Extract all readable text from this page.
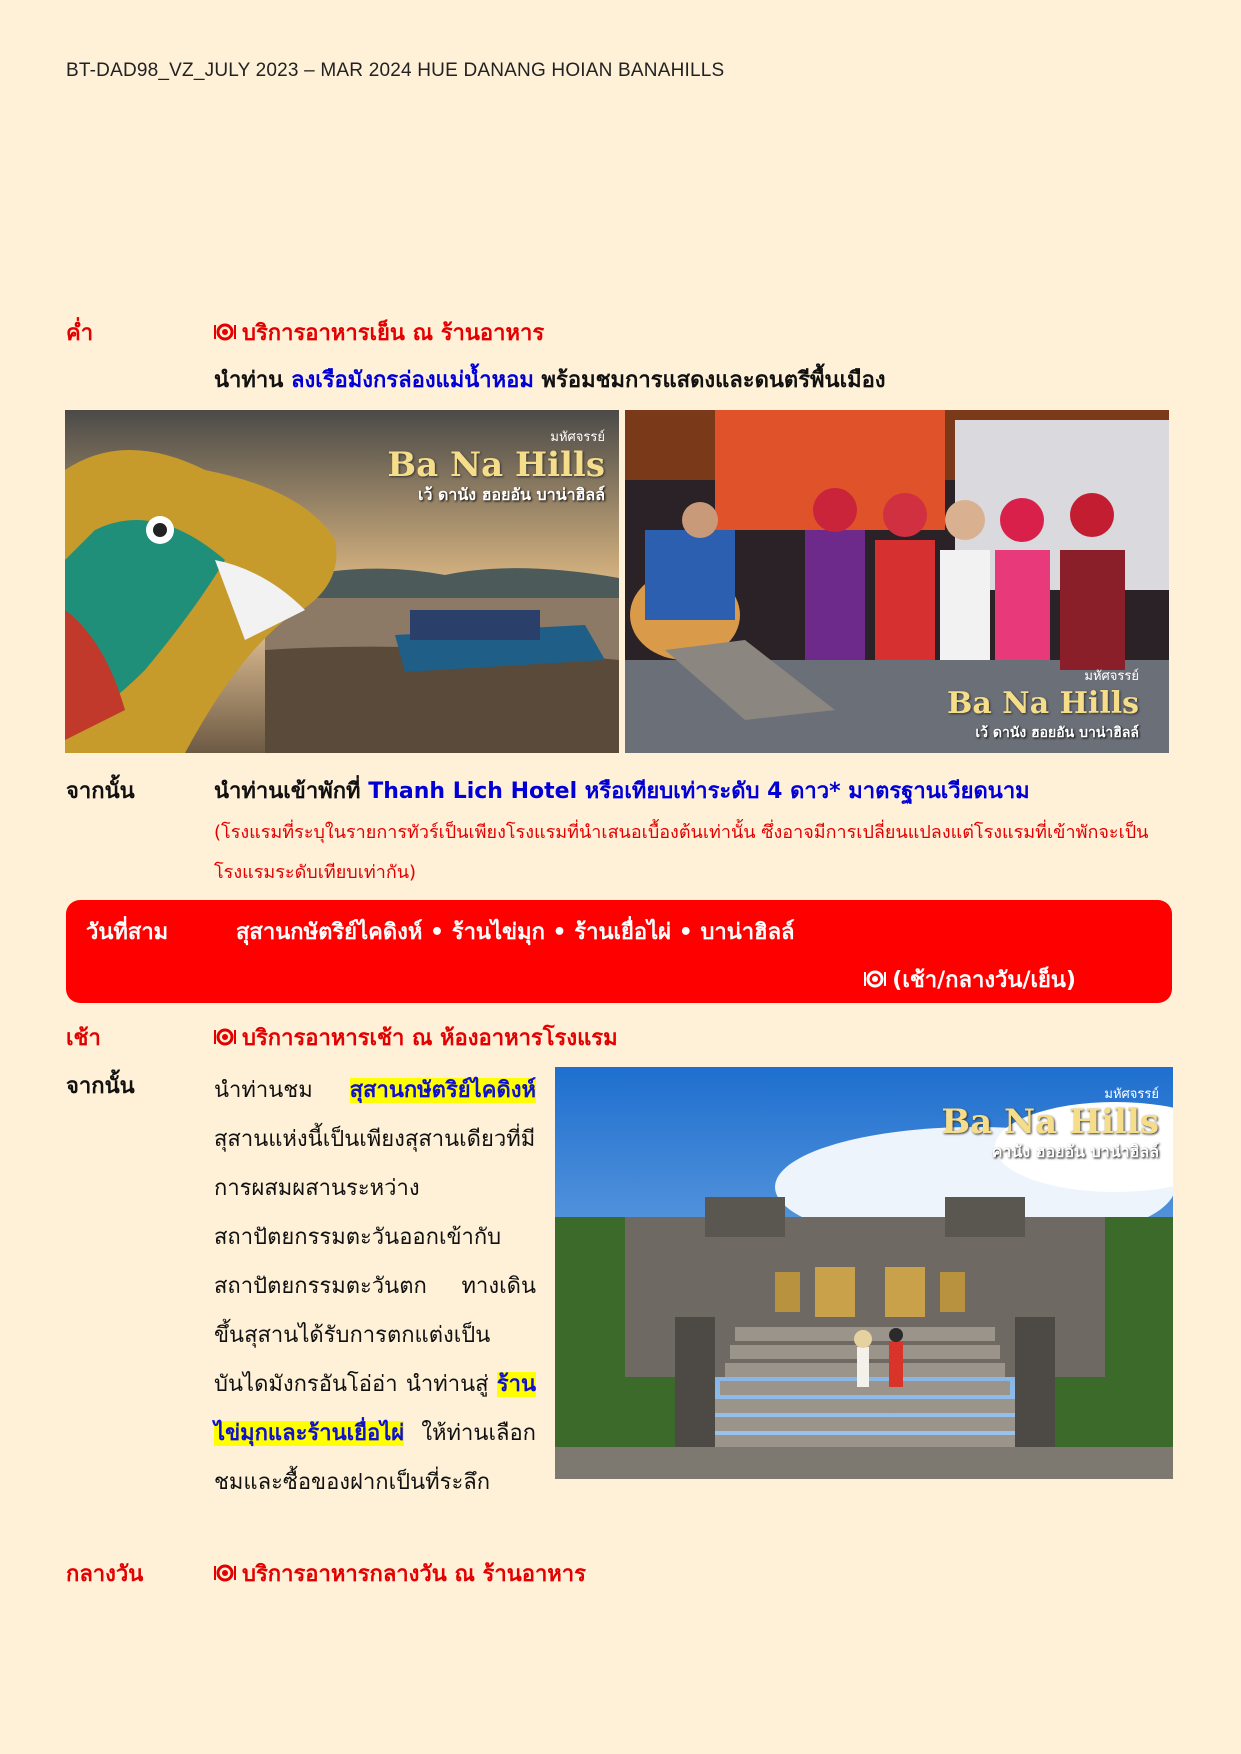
BT-DAD98_VZ_JULY 2023 – MAR 2024 HUE DANANG HOIAN BANAHILLS
ค่ำ	บริการอาหารเย็น ณ ร้านอาหาร
นำท่าน ลงเรือมังกรล่องแม่น้ำหอม พร้อมชมการแสดงและดนตรีพื้นเมือง
มหัศจรรย์
Ba Na Hills
เว้ ดานัง ฮอยอัน บาน่าฮิลล์
มหัศจรรย์
Ba Na Hills
เว้ ดานัง ฮอยอัน บาน่าฮิลล์
จากนั้น	นำท่านเข้าพักที่ Thanh Lich Hotel หรือเทียบเท่าระดับ 4 ดาว* มาตรฐานเวียดนาม
(โรงแรมที่ระบุในรายการทัวร์เป็นเพียงโรงแรมที่นำเสนอเบื้องต้นเท่านั้น ซึ่งอาจมีการเปลี่ยนแปลงแต่โรงแรมที่เข้าพักจะเป็นโรงแรมระดับเทียบเท่ากัน)
วันที่สาม	สุสานกษัตริย์ไคดิงห์ • ร้านไข่มุก • ร้านเยื่อไผ่ • บาน่าฮิลล์
(เช้า/กลางวัน/เย็น)
เช้า	บริการอาหารเช้า ณ ห้องอาหารโรงแรม
จากนั้น	นำท่านชม สุสานกษัตริย์ไคดิงห์ สุสานแห่งนี้เป็นเพียงสุสานเดียวที่มีการผสมผสานระหว่างสถาปัตยกรรมตะวันออกเข้ากับสถาปัตยกรรมตะวันตก ทางเดินขึ้นสุสานได้รับการตกแต่งเป็นบันไดมังกรอันโอ่อ่า นำท่านสู่ ร้านไข่มุกและร้านเยื่อไผ่ ให้ท่านเลือกชมและซื้อของฝากเป็นที่ระลึก
มหัศจรรย์
Ba Na Hills
คานัง ฮอยอัน บาน่าฮิลล์
กลางวัน	บริการอาหารกลางวัน ณ ร้านอาหาร
